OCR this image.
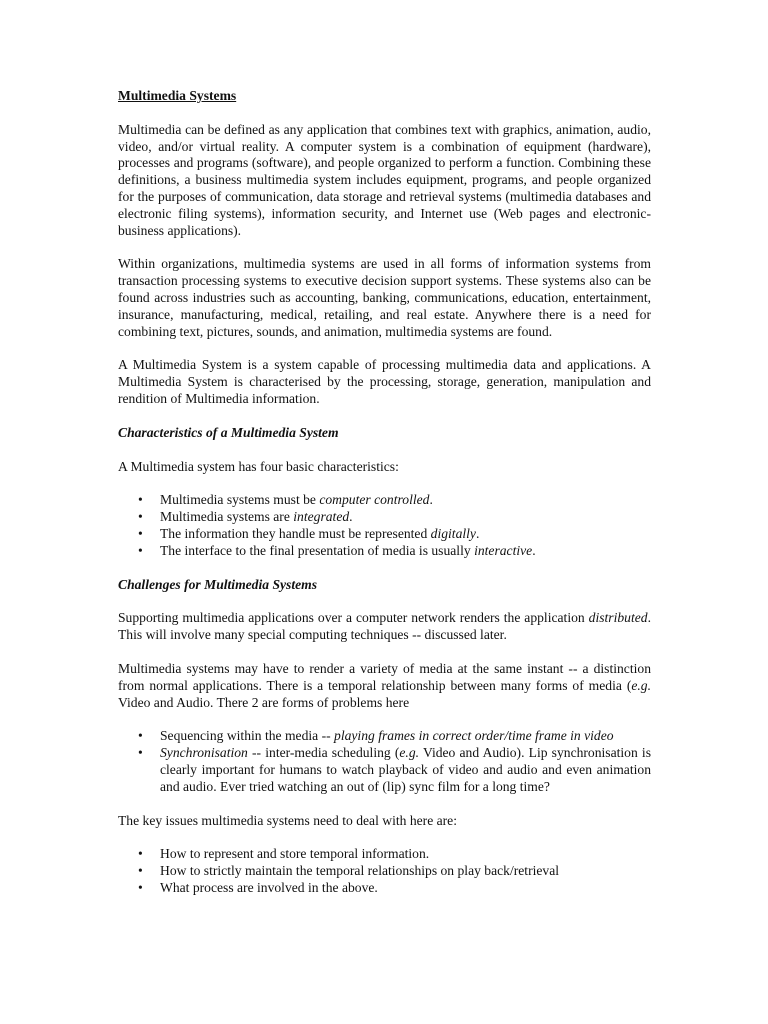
Multimedia Systems

Multimedia can be defined as any application that combines text with graphics, animation, audio, video, and/or virtual reality. A computer system is a combination of equipment (hardware), processes and programs (software), and people organized to perform a function. Combining these definitions, a business multimedia system includes equipment, programs, and people organized for the purposes of communication, data storage and retrieval systems (multimedia databases and electronic filing systems), information security, and Internet use (Web pages and electronic-business applications).

Within organizations, multimedia systems are used in all forms of information systems from transaction processing systems to executive decision support systems. These systems also can be found across industries such as accounting, banking, communications, education, entertainment, insurance, manufacturing, medical, retailing, and real estate. Anywhere there is a need for combining text, pictures, sounds, and animation, multimedia systems are found.

A Multimedia System is a system capable of processing multimedia data and applications. A Multimedia System is characterised by the processing, storage, generation, manipulation and rendition of Multimedia information.

Characteristics of a Multimedia System

A Multimedia system has four basic characteristics:

• Multimedia systems must be computer controlled.
• Multimedia systems are integrated.
• The information they handle must be represented digitally.
• The interface to the final presentation of media is usually interactive.
Challenges for Multimedia Systems

Supporting multimedia applications over a computer network renders the application distributed. This will involve many special computing techniques -- discussed later.

Multimedia systems may have to render a variety of media at the same instant -- a distinction from normal applications. There is a temporal relationship between many forms of media (e.g. Video and Audio. There 2 are forms of problems here

• Sequencing within the media -- playing frames in correct order/time frame in video
• Synchronisation -- inter-media scheduling (e.g. Video and Audio). Lip synchronisation is clearly important for humans to watch playback of video and audio and even animation and audio. Ever tried watching an out of (lip) sync film for a long time?

The key issues multimedia systems need to deal with here are:

• How to represent and store temporal information.
• How to strictly maintain the temporal relationships on play back/retrieval
• What process are involved in the above.
